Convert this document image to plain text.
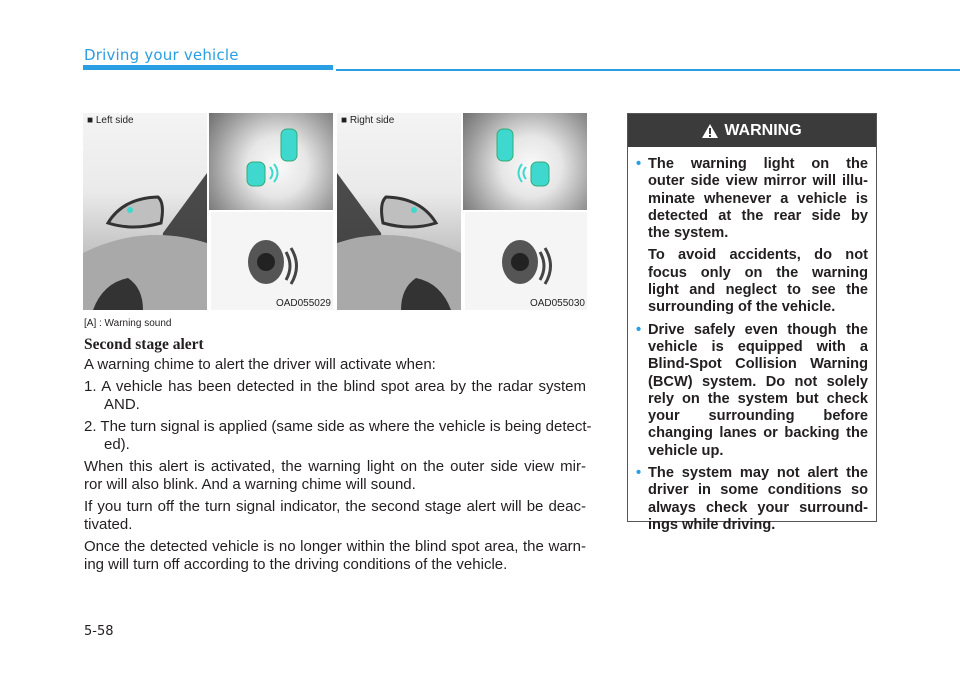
Driving your vehicle
■ Left side
OAD055029
■ Right side
OAD055030
[A] : Warning sound
Second stage alert
A warning chime to alert the driver will activate when:
1. A vehicle has been detected in the blind spot area by the radar system
AND.
2. The turn signal is applied (same side as where the vehicle is being detect-
ed).
When this alert is activated, the warning light on the outer side view mir-
ror will also blink. And a warning chime will sound.
If you turn off the turn signal indicator, the second stage alert will be deac-
tivated.
Once the detected vehicle is no longer within the blind spot area, the warn-
ing will turn off according to the driving conditions of the vehicle.
WARNING
• The warning light on the
outer side view mirror will illu-
minate whenever a vehicle is
detected at the rear side by
the system.
To avoid accidents, do not
focus only on the warning
light and neglect to see the
surrounding of the vehicle.
• Drive safely even though the
vehicle is equipped with a
Blind-Spot Collision Warning
(BCW) system. Do not solely
rely on the system but check
your surrounding before
changing lanes or backing the
vehicle up.
• The system may not alert the
driver in some conditions so
always check your surround-
ings while driving.
5-58
